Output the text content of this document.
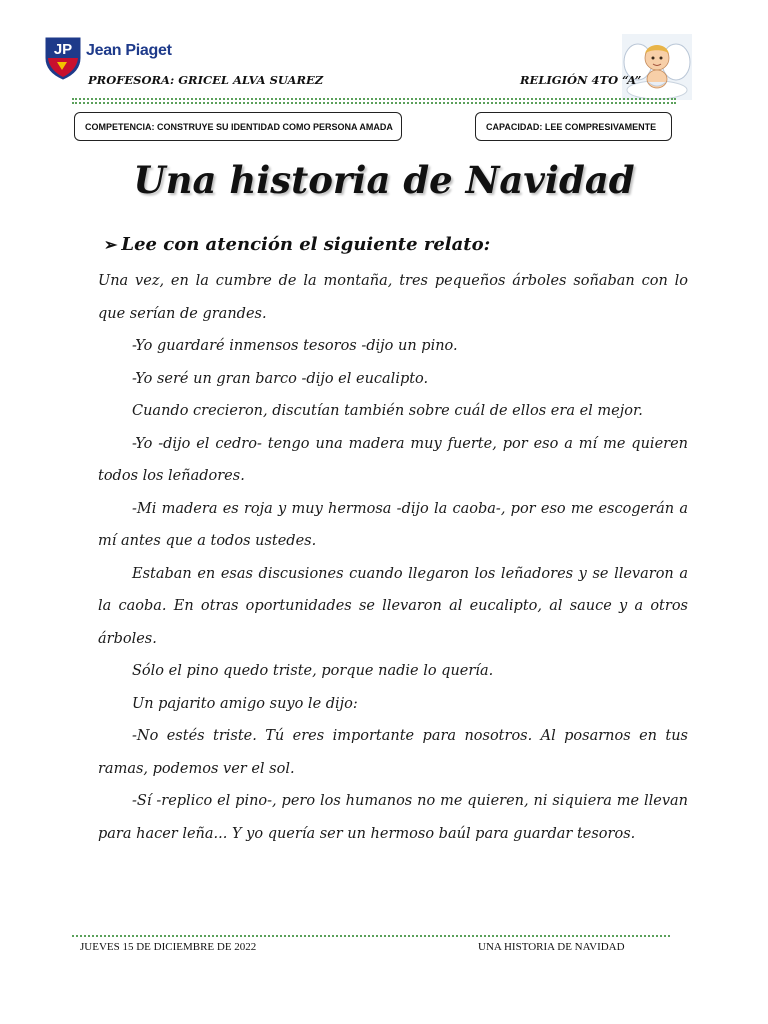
JP Jean Piaget
PROFESORA: GRICEL ALVA SUAREZ	RELIGIÓN 4TO “A”
COMPETENCIA: CONSTRUYE SU IDENTIDAD COMO PERSONA AMADA	CAPACIDAD: LEE COMPRESIVAMENTE
Una historia de Navidad
➢ Lee con atención el siguiente relato:

Una vez, en la cumbre de la montaña, tres pequeños árboles soñaban con lo que serían de grandes.

-Yo guardaré inmensos tesoros -dijo un pino.

-Yo seré un gran barco -dijo el eucalipto.

Cuando crecieron, discutían también sobre cuál de ellos era el mejor.

-Yo -dijo el cedro- tengo una madera muy fuerte, por eso a mí me quieren todos los leñadores.

-Mi madera es roja y muy hermosa -dijo la caoba-, por eso me escogerán a mí antes que a todos ustedes.

Estaban en esas discusiones cuando llegaron los leñadores y se llevaron a la caoba. En otras oportunidades se llevaron al eucalipto, al sauce y a otros árboles.

Sólo el pino quedo triste, porque nadie lo quería.

Un pajarito amigo suyo le dijo:

-No estés triste. Tú eres importante para nosotros. Al posarnos en tus ramas, podemos ver el sol.

-Sí -replico el pino-, pero los humanos no me quieren, ni siquiera me llevan para hacer leña... Y yo quería ser un hermoso baúl para guardar tesoros.

JUEVES 15 DE DICIEMBRE DE 2022	UNA HISTORIA DE NAVIDAD
